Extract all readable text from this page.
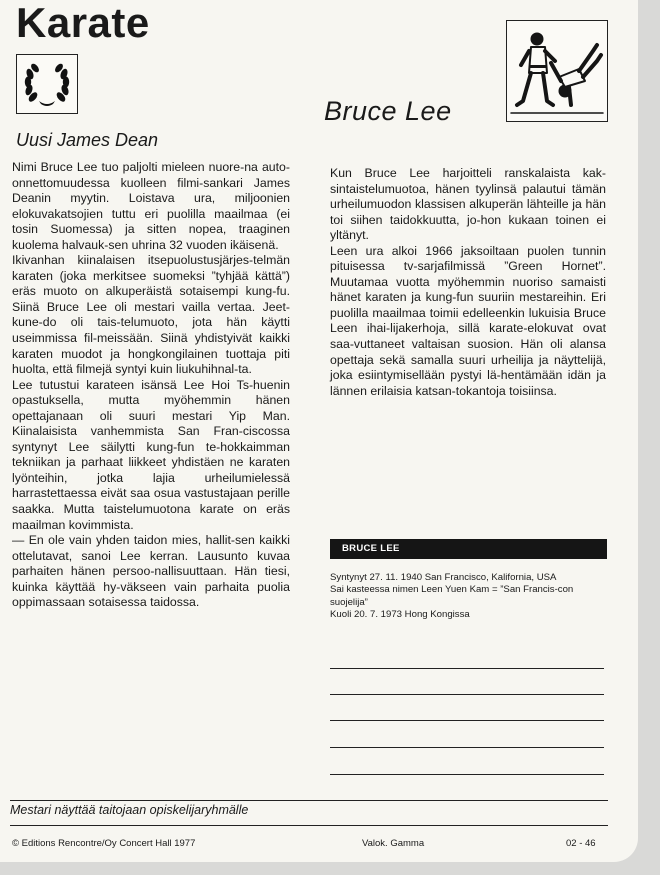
Karate
Bruce Lee
Uusi James Dean

Nimi Bruce Lee tuo paljolti mieleen nuore-na auto-onnettomuudessa kuolleen filmi-sankari James Deanin myytin. Loistava ura, miljoonien elokuvakatsojien tuttu eri puolilla maailmaa (ei tosin Suomessa) ja sitten nopea, traaginen kuolema halvauk-sen uhrina 32 vuoden ikäisenä.

Ikivanhan kiinalaisen itsepuolustusjärjes-telmän karaten (joka merkitsee suomeksi ”tyhjää kättä”) eräs muoto on alkuperäistä sotaisempi kung-fu. Siinä Bruce Lee oli mestari vailla vertaa. Jeet-kune-do oli tais-telumuoto, jota hän käytti useimmissa fil-meissään. Siinä yhdistyivät kaikki karaten muodot ja hongkongilainen tuottaja piti huolta, että filmejä syntyi kuin liukuhihnal-ta.

Lee tutustui karateen isänsä Lee Hoi Ts-huenin opastuksella, mutta myöhemmin hänen opettajanaan oli suuri mestari Yip Man. Kiinalaisista vanhemmista San Fran-ciscossa syntynyt Lee säilytti kung-fun te-hokkaimman tekniikan ja parhaat liikkeet yhdistäen ne karaten lyönteihin, jotka lajia urheilumielessä harrastettaessa eivät saa osua vastustajaan perille saakka. Mutta taistelumuotona karate on eräs maailman kovimmista.

— En ole vain yhden taidon mies, hallit-sen kaikki ottelutavat, sanoi Lee kerran. Lausunto kuvaa parhaiten hänen persoo-nallisuuttaan. Hän tiesi, kuinka käyttää hy-väkseen vain parhaita puolia oppimassaan sotaisessa taidossa.

Kun Bruce Lee harjoitteli ranskalaista kak-sintaistelumuotoa, hänen tyylinsä palautui tämän urheilumuodon klassisen alkuperän lähteille ja hän toi siihen taidokkuutta, jo-hon kukaan toinen ei yltänyt.

Leen ura alkoi 1966 jaksoiltaan puolen tunnin pituisessa tv-sarjafilmissä ”Green Hornet”. Muutamaa vuotta myöhemmin nuoriso samaisti hänet karaten ja kung-fun suuriin mestareihin. Eri puolilla maailmaa toimii edelleenkin lukuisia Bruce Leen ihai-lijakerhoja, sillä karate-elokuvat ovat saa-vuttaneet valtaisan suosion. Hän oli alansa opettaja sekä samalla suuri urheilija ja näyttelijä, joka esiintymisellään pystyi lä-hentämään idän ja lännen erilaisia katsan-tokantoja toisiinsa.

BRUCE LEE
Syntynyt 27. 11. 1940 San Francisco, Kalifornia, USA
Sai kasteessa nimen Leen Yuen Kam = ”San Francis-con suojelija”
Kuoli 20. 7. 1973 Hong Kongissa
Mestari näyttää taitojaan opiskelijaryhmälle
© Editions Rencontre/Oy Concert Hall 1977	Valok. Gamma	02 - 46
